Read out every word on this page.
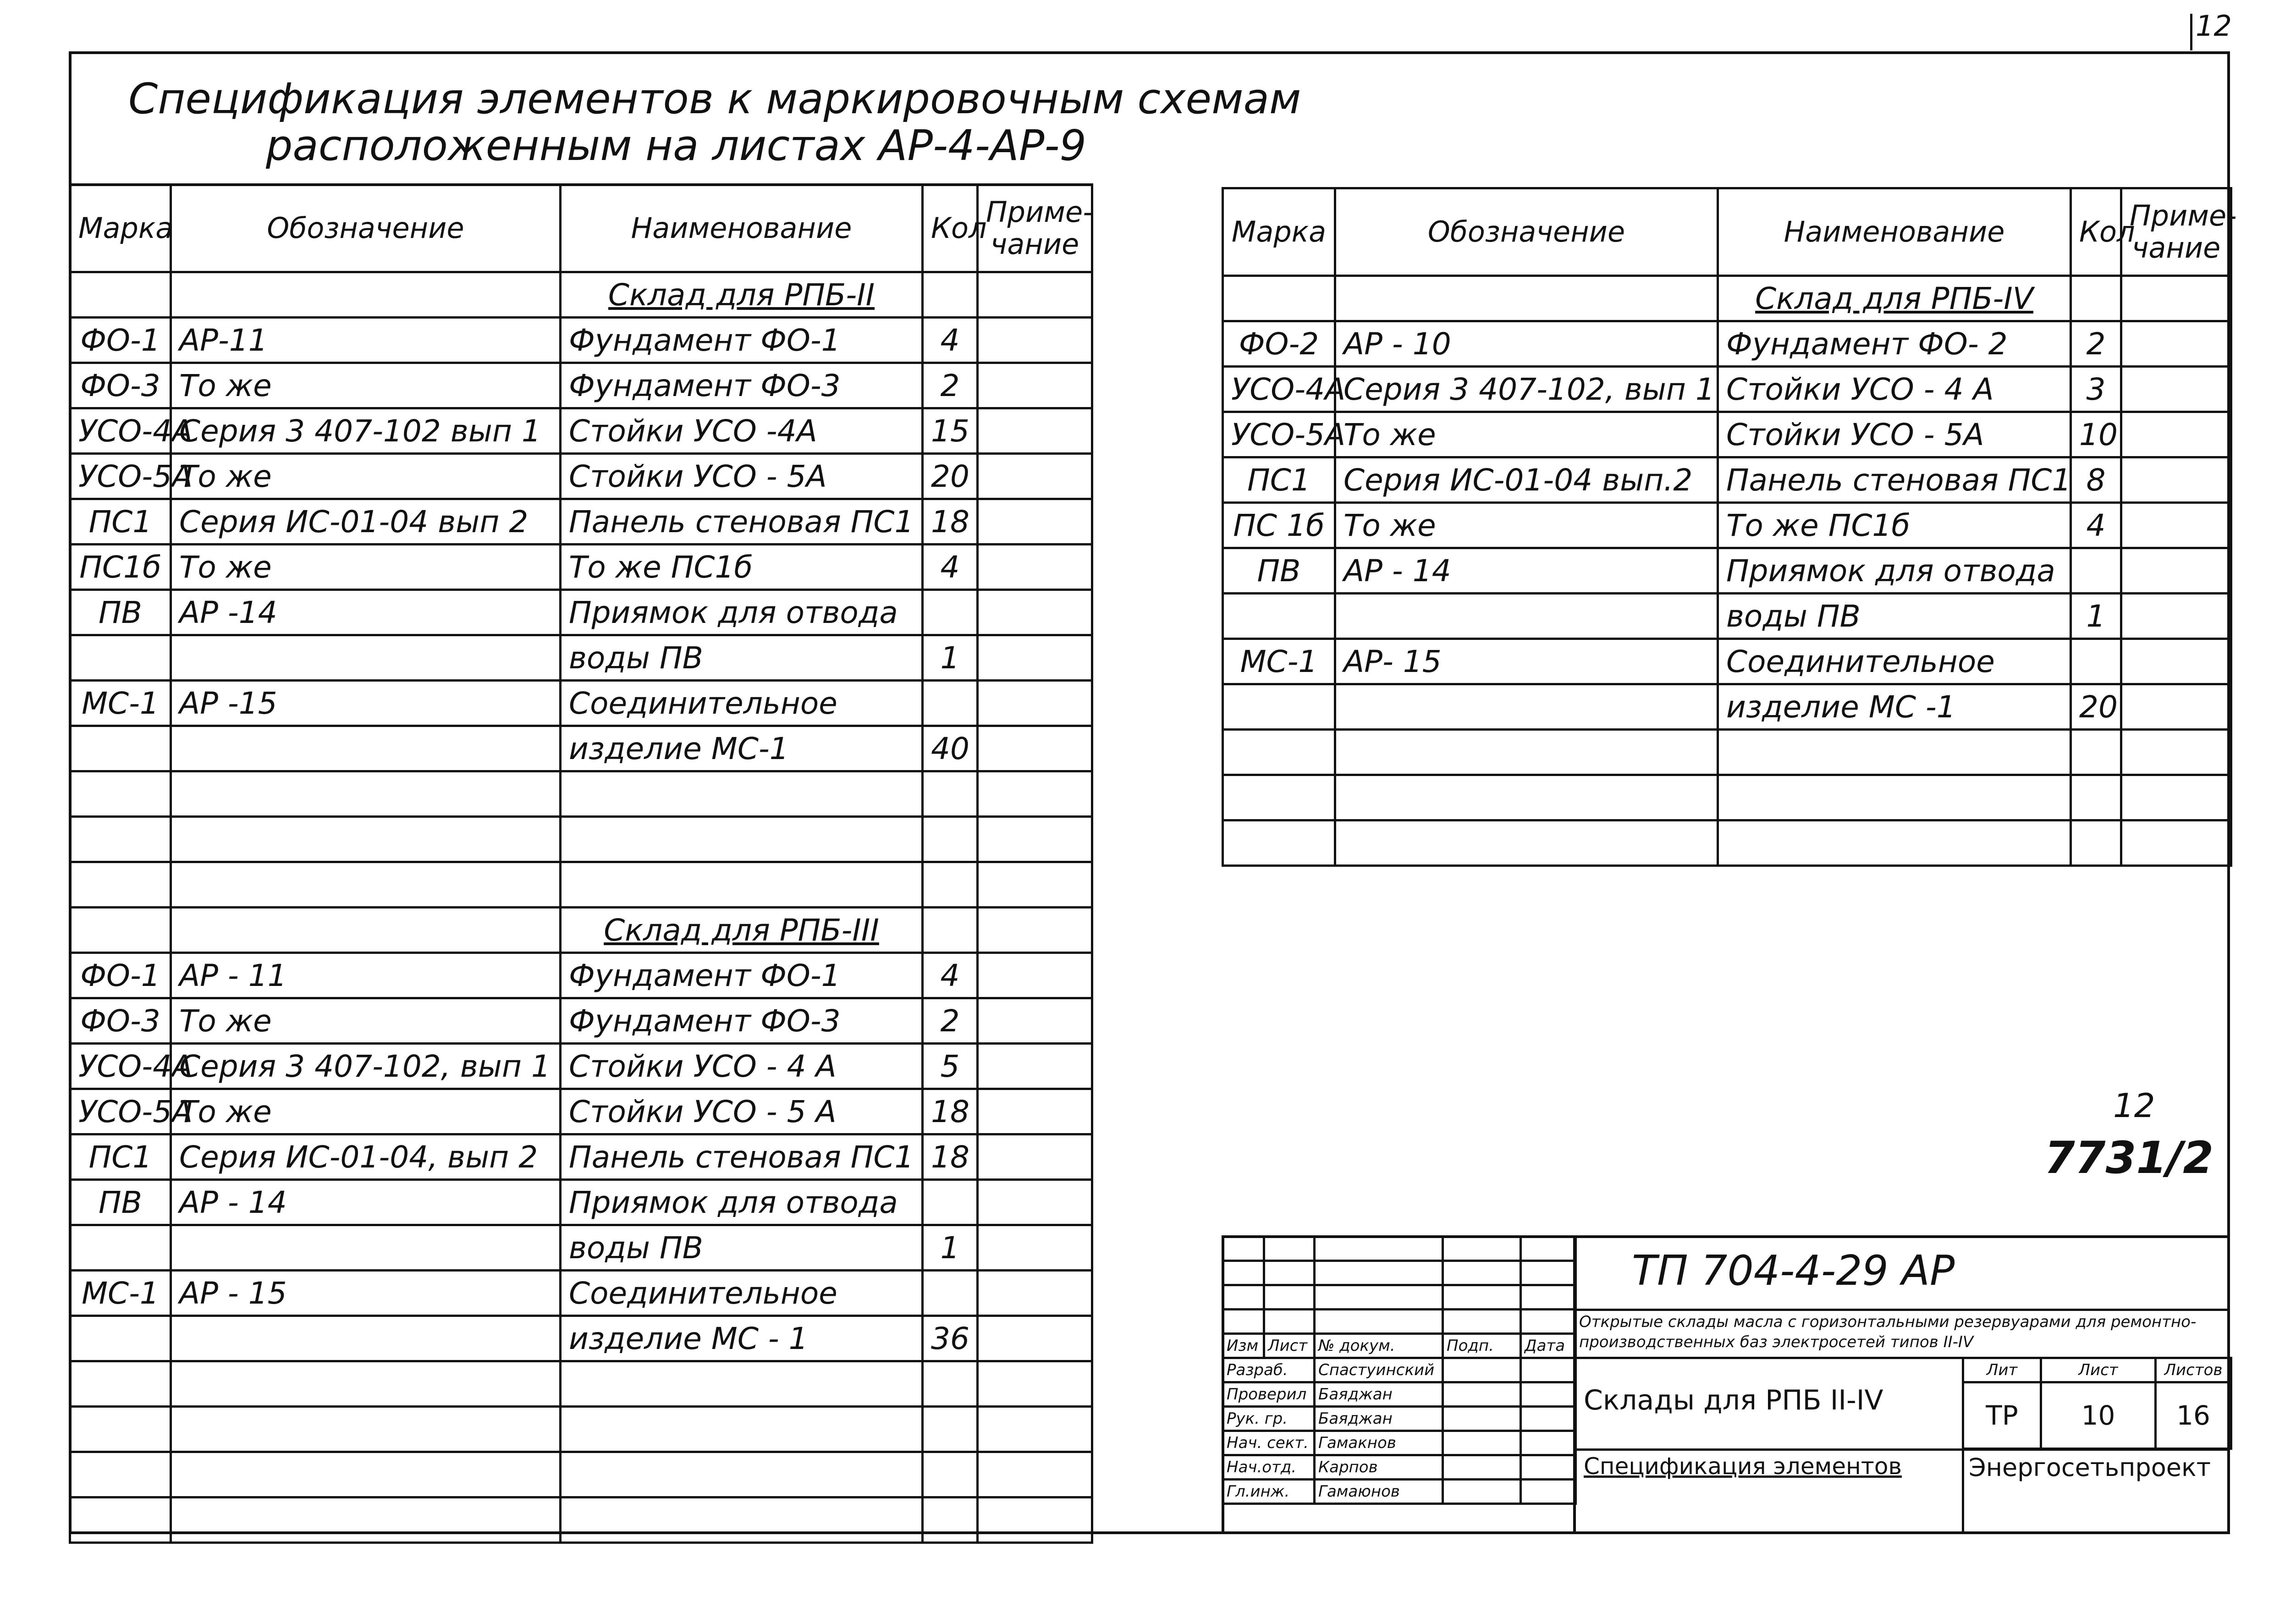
12
Спецификация элементов к маркировочным схемам
расположенным на листах АР-4-АР-9
Марка	Обозначение	Наименование	Кол	Приме-чание
		Склад для РПБ-II		
ФО-1	АР-11	Фундамент ФО-1	4	
ФО-3	То же	Фундамент ФО-3	2	
УСО-4А	Серия 3 407-102 вып 1	Стойки УСО -4А	15	
УСО-5А	То же	Стойки УСО - 5А	20	
ПС1	Серия ИС-01-04 вып 2	Панель стеновая ПС1	18	
ПС1б	То же	То же ПС1б	4	
ПВ	АР -14	Приямок для отвода		
		воды ПВ	1	
МС-1	АР -15	Соединительное		
		изделие МС-1	40	

		Склад для РПБ-III		
ФО-1	АР - 11	Фундамент ФО-1	4	
ФО-3	То же	Фундамент ФО-3	2	
УСО-4А	Серия 3 407-102, вып 1	Стойки УСО - 4 А	5	
УСО-5А	То же	Стойки УСО - 5 А	18	
ПС1	Серия ИС-01-04, вып 2	Панель стеновая ПС1	18	
ПВ	АР - 14	Приямок для отвода		
		воды ПВ	1	
МС-1	АР - 15	Соединительное		
		изделие МС - 1	36	

Марка	Обозначение	Наименование	Кол	Приме-чание
		Склад для РПБ-IV		
ФО-2	АР - 10	Фундамент ФО- 2	2	
УСО-4А	Серия 3 407-102, вып 1	Стойки УСО - 4 А	3	
УСО-5А	То же	Стойки УСО - 5А	10	
ПС1	Серия ИС-01-04 вып.2	Панель стеновая ПС1	8	
ПС 1б	То же	То же ПС1б	4	
ПВ	АР - 14	Приямок для отвода		
		воды ПВ	1	
МС-1	АР- 15	Соединительное		
		изделие МС -1	20	

12
7731/2

Изм	Лист	№ докум.	Подп.	Дата
Разраб.		Спастуинский		
Проверил		Баяджан		
Рук. гр.		Баяджан		
Нач. сект.		Гамакнов		
Нач.отд.		Карпов		
Гл.инж.		Гамаюнов		
ТП 704-4-29 АР
Открытые склады масла с горизонтальными резервуарами для ремонтно-производственных баз электросетей типов II-IV
Склады для РПБ II-IV
Спецификация элементов	Энергосетьпроект
Лит	Лист	Листов
ТР	10	16
